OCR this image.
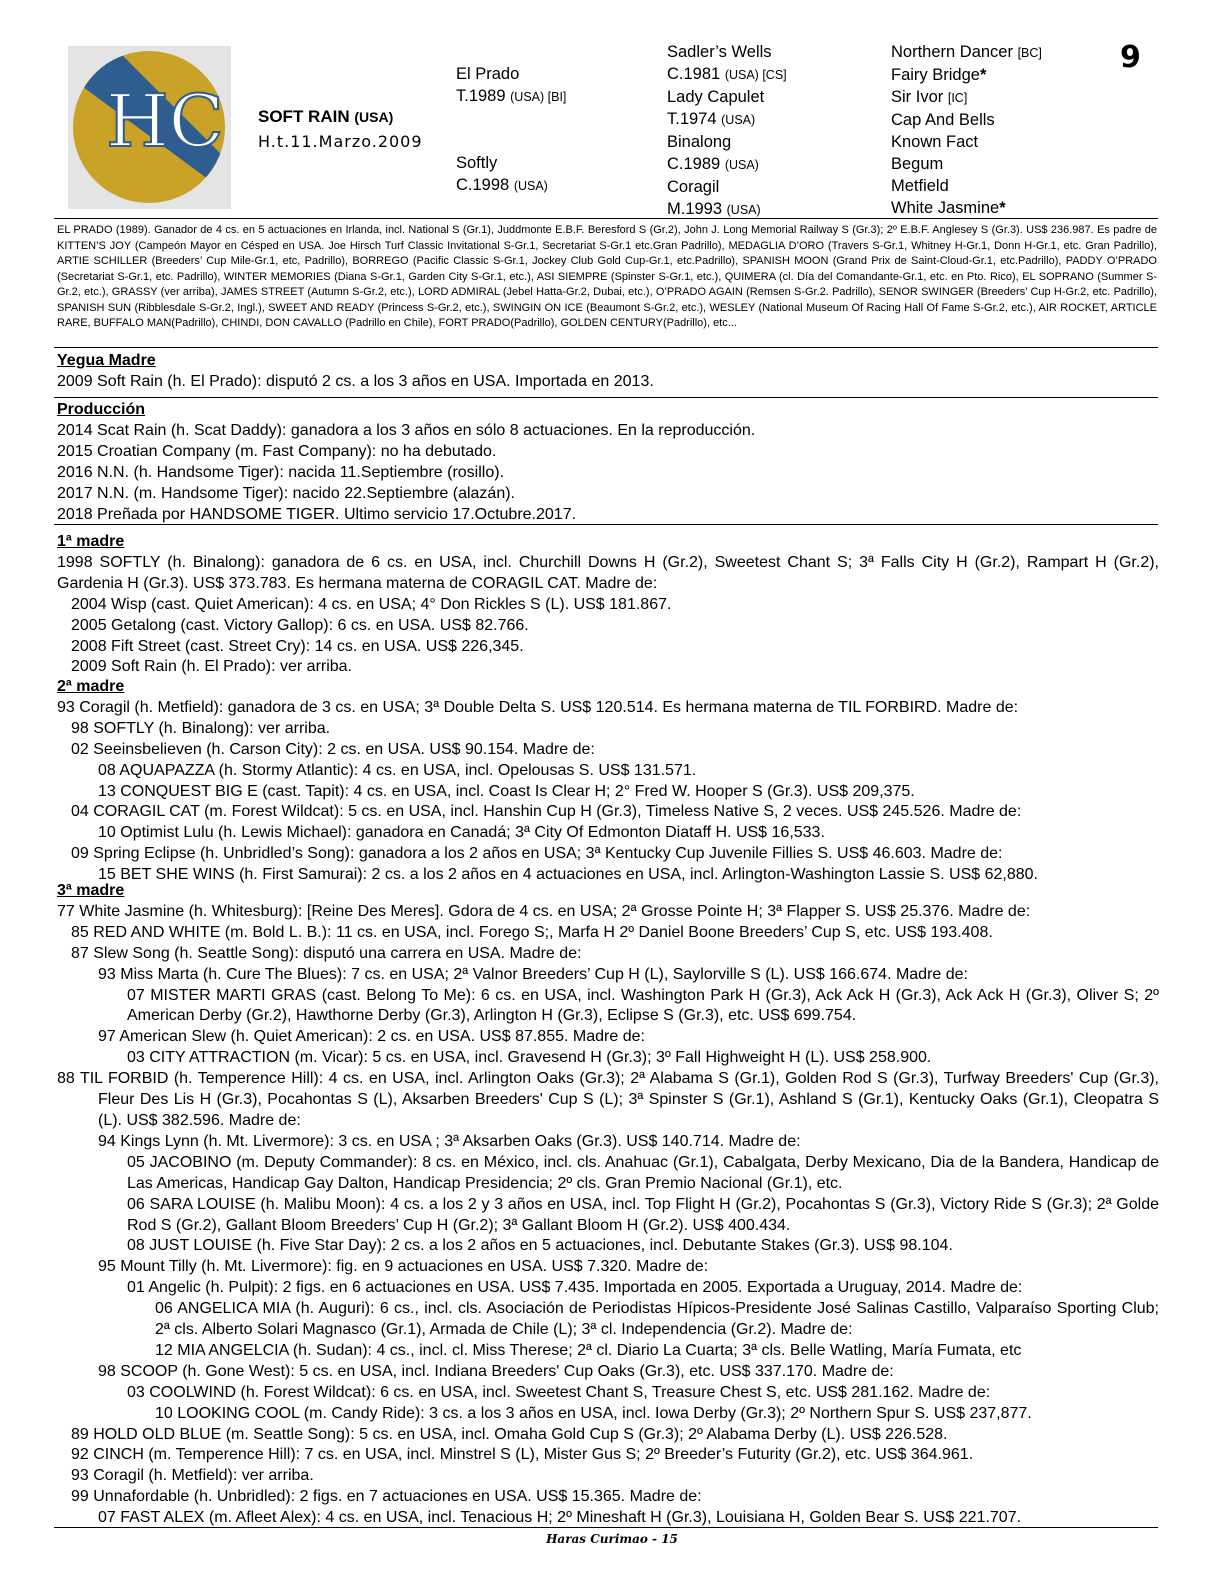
HC SOFT RAIN (USA)
H.t.11.Marzo.2009
El Prado
T.1989 (USA) [BI]
Softly
C.1998 (USA)
Sadler’s Wells
C.1981 (USA) [CS]
Lady Capulet
T.1974 (USA)
Binalong
C.1989 (USA)
Coragil
M.1993 (USA)
Northern Dancer [BC]
Fairy Bridge*
Sir Ivor [IC]
Cap And Bells
Known Fact
Begum
Metfield
White Jasmine*
9
EL PRADO (1989). Ganador de 4 cs. en 5 actuaciones en Irlanda, incl. National S (Gr.1), Juddmonte E.B.F. Beresford S (Gr.2), John J. Long Memorial Railway S (Gr.3); 2º E.B.F. Anglesey S (Gr.3). US$ 236.987. Es padre de KITTEN’S JOY (Campeón Mayor en Césped en USA. Joe Hirsch Turf Classic Invitational S-Gr.1, Secretariat S-Gr.1 etc.Gran Padrillo), MEDAGLIA D’ORO (Travers S-Gr.1, Whitney H-Gr.1, Donn H-Gr.1, etc. Gran Padrillo), ARTIE SCHILLER (Breeders’ Cup Mile-Gr.1, etc, Padrillo), BORREGO (Pacific Classic S-Gr.1, Jockey Club Gold Cup-Gr.1, etc.Padrillo), SPANISH MOON (Grand Prix de Saint-Cloud-Gr.1, etc.Padrillo), PADDY O’PRADO (Secretariat S-Gr.1, etc. Padrillo), WINTER MEMORIES (Diana S-Gr.1, Garden City S-Gr.1, etc.), ASI SIEMPRE (Spinster S-Gr.1, etc.), QUIMERA (cl. Día del Comandante-Gr.1, etc. en Pto. Rico), EL SOPRANO (Summer S-Gr.2, etc.), GRASSY (ver arriba), JAMES STREET (Autumn S-Gr.2, etc.), LORD ADMIRAL (Jebel Hatta-Gr.2, Dubai, etc.), O’PRADO AGAIN (Remsen S-Gr.2. Padrillo), SENOR SWINGER (Breeders’ Cup H-Gr.2, etc. Padrillo), SPANISH SUN (Ribblesdale S-Gr.2, Ingl.), SWEET AND READY (Princess S-Gr.2, etc.), SWINGIN ON ICE (Beaumont S-Gr.2, etc.), WESLEY (National Museum Of Racing Hall Of Fame S-Gr.2, etc.), AIR ROCKET, ARTICLE RARE, BUFFALO MAN(Padrillo), CHINDI, DON CAVALLO (Padrillo en Chile), FORT PRADO(Padrillo), GOLDEN CENTURY(Padrillo), etc...

Yegua Madre

2009 Soft Rain (h. El Prado): disputó 2 cs. a los 3 años en USA. Importada en 2013.

Producción

2014 Scat Rain (h. Scat Daddy): ganadora a los 3 años en sólo 8 actuaciones. En la reproducción.

2015 Croatian Company (m. Fast Company): no ha debutado.

2016 N.N. (h. Handsome Tiger): nacida 11.Septiembre (rosillo).

2017 N.N. (m. Handsome Tiger): nacido 22.Septiembre (alazán).

2018 Preñada por HANDSOME TIGER. Ultimo servicio 17.Octubre.2017.

1ª madre

1998 SOFTLY (h. Binalong): ganadora de 6 cs. en USA, incl. Churchill Downs H (Gr.2), Sweetest Chant S; 3ª Falls City H (Gr.2), Rampart H (Gr.2), Gardenia H (Gr.3). US$ 373.783. Es hermana materna de CORAGIL CAT. Madre de:

2004 Wisp (cast. Quiet American): 4 cs. en USA; 4° Don Rickles S (L). US$ 181.867.

2005 Getalong (cast. Victory Gallop): 6 cs. en USA. US$ 82.766.

2008 Fift Street (cast. Street Cry): 14 cs. en USA. US$ 226,345.

2009 Soft Rain (h. El Prado): ver arriba.

2ª madre

93 Coragil (h. Metfield): ganadora de 3 cs. en USA; 3ª Double Delta S. US$ 120.514. Es hermana materna de TIL FORBIRD. Madre de:

98 SOFTLY (h. Binalong): ver arriba.

02 Seeinsbelieven (h. Carson City): 2 cs. en USA. US$ 90.154. Madre de:

08 AQUAPAZZA (h. Stormy Atlantic): 4 cs. en USA, incl. Opelousas S. US$ 131.571.

13 CONQUEST BIG E (cast. Tapit): 4 cs. en USA, incl. Coast Is Clear H; 2° Fred W. Hooper S (Gr.3). US$ 209,375.

04 CORAGIL CAT (m. Forest Wildcat): 5 cs. en USA, incl. Hanshin Cup H (Gr.3), Timeless Native S, 2 veces. US$ 245.526. Madre de:

10 Optimist Lulu (h. Lewis Michael): ganadora en Canadá; 3ª City Of Edmonton Diataff H. US$ 16,533.

09 Spring Eclipse (h. Unbridled’s Song): ganadora a los 2 años en USA; 3ª Kentucky Cup Juvenile Fillies S. US$ 46.603. Madre de:

15 BET SHE WINS (h. First Samurai): 2 cs. a los 2 años en 4 actuaciones en USA, incl. Arlington-Washington Lassie S. US$ 62,880.

3ª madre

77 White Jasmine (h. Whitesburg): [Reine Des Meres]. Gdora de 4 cs. en USA; 2ª Grosse Pointe H; 3ª Flapper S. US$ 25.376. Madre de:

85 RED AND WHITE (m. Bold L. B.): 11 cs. en USA, incl. Forego S;, Marfa H 2º Daniel Boone Breeders’ Cup S, etc. US$ 193.408.

87 Slew Song (h. Seattle Song): disputó una carrera en USA. Madre de:

93 Miss Marta (h. Cure The Blues): 7 cs. en USA; 2ª Valnor Breeders’ Cup H (L), Saylorville S (L). US$ 166.674. Madre de:

07 MISTER MARTI GRAS (cast. Belong To Me): 6 cs. en USA, incl. Washington Park H (Gr.3), Ack Ack H (Gr.3), Ack Ack H (Gr.3), Oliver S; 2º American Derby (Gr.2), Hawthorne Derby (Gr.3), Arlington H (Gr.3), Eclipse S (Gr.3), etc. US$ 699.754.

97 American Slew (h. Quiet American): 2 cs. en USA. US$ 87.855. Madre de:

03 CITY ATTRACTION (m. Vicar): 5 cs. en USA, incl. Gravesend H (Gr.3); 3º Fall Highweight H (L). US$ 258.900.

88 TIL FORBID (h. Temperence Hill): 4 cs. en USA, incl. Arlington Oaks (Gr.3); 2ª Alabama S (Gr.1), Golden Rod S (Gr.3), Turfway Breeders' Cup (Gr.3), Fleur Des Lis H (Gr.3), Pocahontas S (L), Aksarben Breeders' Cup S (L); 3ª Spinster S (Gr.1), Ashland S (Gr.1), Kentucky Oaks (Gr.1), Cleopatra S (L). US$ 382.596. Madre de:

94 Kings Lynn (h. Mt. Livermore): 3 cs. en USA ; 3ª Aksarben Oaks (Gr.3). US$ 140.714. Madre de:

05 JACOBINO (m. Deputy Commander): 8 cs. en México, incl. cls. Anahuac (Gr.1), Cabalgata, Derby Mexicano, Dia de la Bandera, Handicap de Las Americas, Handicap Gay Dalton, Handicap Presidencia; 2º cls. Gran Premio Nacional (Gr.1), etc.

06 SARA LOUISE (h. Malibu Moon): 4 cs. a los 2 y 3 años en USA, incl. Top Flight H (Gr.2), Pocahontas S (Gr.3), Victory Ride S (Gr.3); 2ª Golde Rod S (Gr.2), Gallant Bloom Breeders’ Cup H (Gr.2); 3ª Gallant Bloom H (Gr.2). US$ 400.434.

08 JUST LOUISE (h. Five Star Day): 2 cs. a los 2 años en 5 actuaciones, incl. Debutante Stakes (Gr.3). US$ 98.104.

95 Mount Tilly (h. Mt. Livermore): fig. en 9 actuaciones en USA. US$ 7.320. Madre de:

01 Angelic (h. Pulpit): 2 figs. en 6 actuaciones en USA. US$ 7.435. Importada en 2005. Exportada a Uruguay, 2014. Madre de:

06 ANGELICA MIA (h. Auguri): 6 cs., incl. cls. Asociación de Periodistas Hípicos-Presidente José Salinas Castillo, Valparaíso Sporting Club; 2ª cls. Alberto Solari Magnasco (Gr.1), Armada de Chile (L); 3ª cl. Independencia (Gr.2). Madre de:

12 MIA ANGELCIA (h. Sudan): 4 cs., incl. cl. Miss Therese; 2ª cl. Diario La Cuarta; 3ª cls. Belle Watling, María Fumata, etc

98 SCOOP (h. Gone West): 5 cs. en USA, incl. Indiana Breeders' Cup Oaks (Gr.3), etc. US$ 337.170. Madre de:

03 COOLWIND (h. Forest Wildcat): 6 cs. en USA, incl. Sweetest Chant S, Treasure Chest S, etc. US$ 281.162. Madre de:

10 LOOKING COOL (m. Candy Ride): 3 cs. a los 3 años en USA, incl. Iowa Derby (Gr.3); 2º Northern Spur S. US$ 237,877.

89 HOLD OLD BLUE (m. Seattle Song): 5 cs. en USA, incl. Omaha Gold Cup S (Gr.3); 2º Alabama Derby (L). US$ 226.528.

92 CINCH (m. Temperence Hill): 7 cs. en USA, incl. Minstrel S (L), Mister Gus S; 2º Breeder’s Futurity (Gr.2), etc. US$ 364.961.

93 Coragil (h. Metfield): ver arriba.

99 Unnafordable (h. Unbridled): 2 figs. en 7 actuaciones en USA. US$ 15.365. Madre de:

07 FAST ALEX (m. Afleet Alex): 4 cs. en USA, incl. Tenacious H; 2º Mineshaft H (Gr.3), Louisiana H, Golden Bear S. US$ 221.707.

Haras Curimao - 15
